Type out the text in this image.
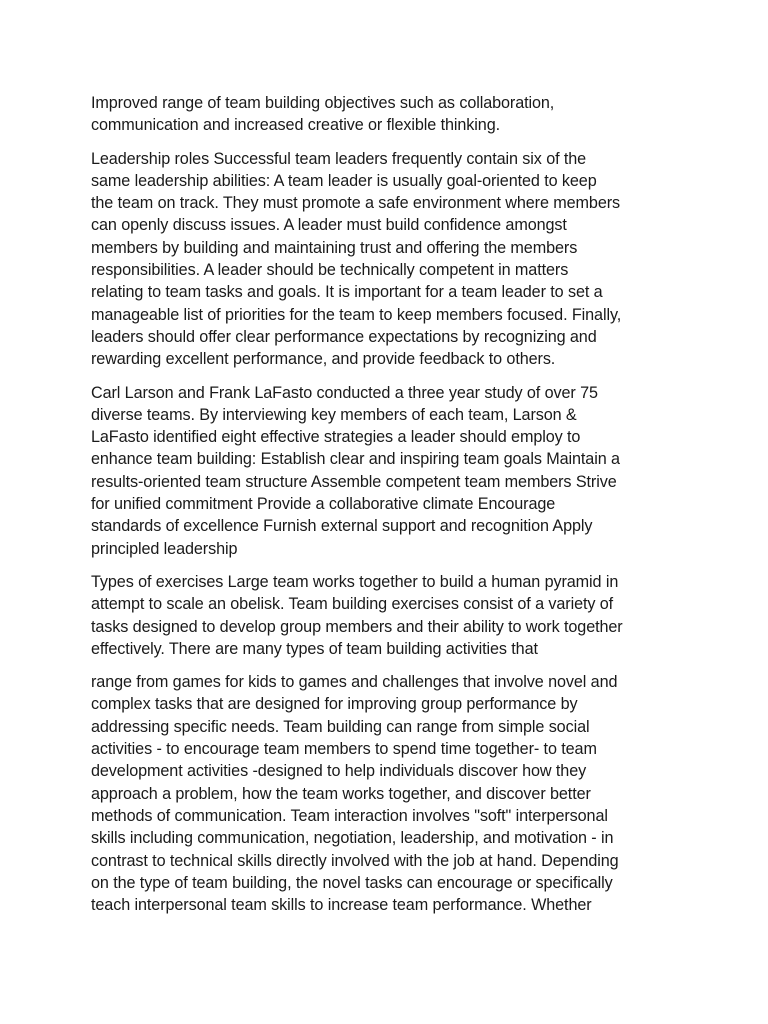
Improved range of team building objectives such as collaboration,
communication and increased creative or flexible thinking.

Leadership roles Successful team leaders frequently contain six of the
same leadership abilities: A team leader is usually goal-oriented to keep
the team on track. They must promote a safe environment where members
can openly discuss issues. A leader must build confidence amongst
members by building and maintaining trust and offering the members
responsibilities. A leader should be technically competent in matters
relating to team tasks and goals. It is important for a team leader to set a
manageable list of priorities for the team to keep members focused. Finally,
leaders should offer clear performance expectations by recognizing and
rewarding excellent performance, and provide feedback to others.

Carl Larson and Frank LaFasto conducted a three year study of over 75
diverse teams. By interviewing key members of each team, Larson &
LaFasto identified eight effective strategies a leader should employ to
enhance team building: Establish clear and inspiring team goals Maintain a
results-oriented team structure Assemble competent team members Strive
for unified commitment Provide a collaborative climate Encourage
standards of excellence Furnish external support and recognition Apply
principled leadership

Types of exercises Large team works together to build a human pyramid in
attempt to scale an obelisk. Team building exercises consist of a variety of
tasks designed to develop group members and their ability to work together
effectively. There are many types of team building activities that

range from games for kids to games and challenges that involve novel and
complex tasks that are designed for improving group performance by
addressing specific needs. Team building can range from simple social
activities - to encourage team members to spend time together- to team
development activities -designed to help individuals discover how they
approach a problem, how the team works together, and discover better
methods of communication. Team interaction involves "soft" interpersonal
skills including communication, negotiation, leadership, and motivation - in
contrast to technical skills directly involved with the job at hand. Depending
on the type of team building, the novel tasks can encourage or specifically
teach interpersonal team skills to increase team performance. Whether
